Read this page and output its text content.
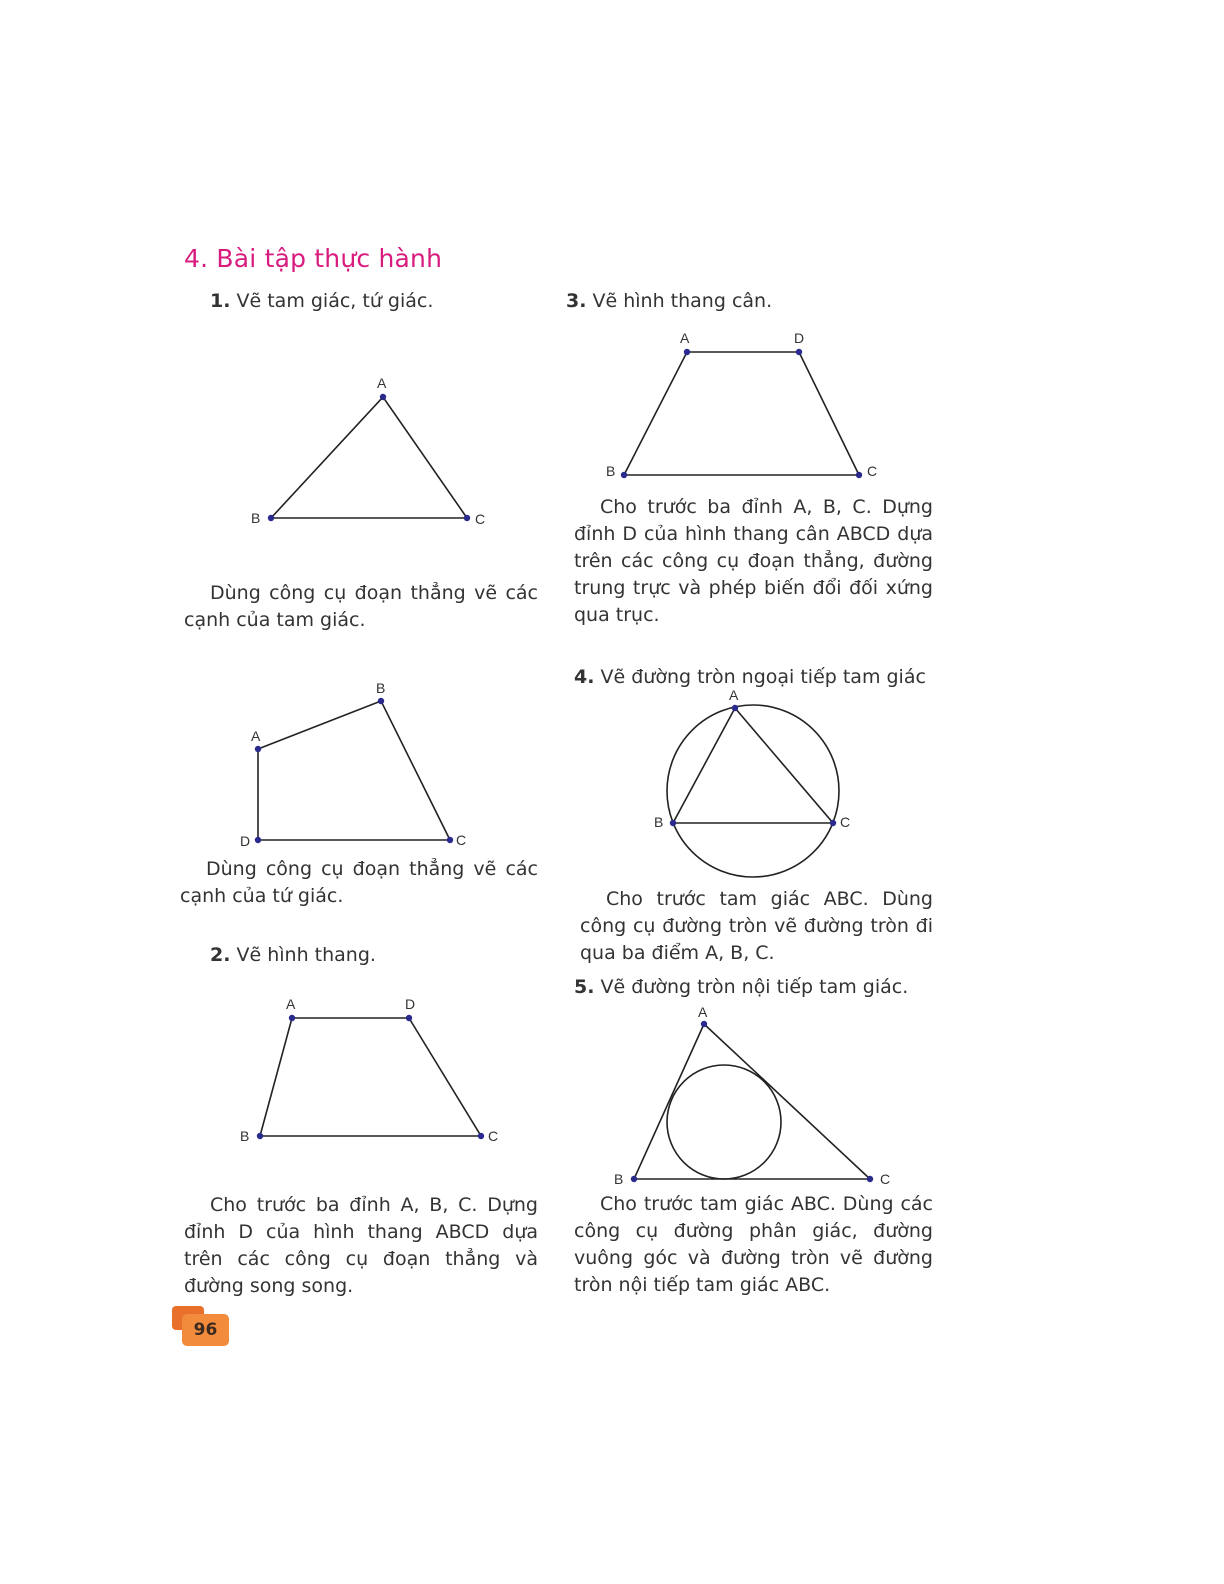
4. Bài tập thực hành
1. Vẽ tam giác, tứ giác.
2. Vẽ hình thang.
3. Vẽ hình thang cân.
4. Vẽ đường tròn ngoại tiếp tam giác
5. Vẽ đường tròn nội tiếp tam giác.
Dùng công cụ đoạn thẳng vẽ các cạnh của tam giác.
Dùng công cụ đoạn thẳng vẽ các cạnh của tứ giác.
Cho trước ba đỉnh A, B, C. Dựng đỉnh D của hình thang ABCD dựa trên các công cụ đoạn thẳng và đường song song.
Cho trước ba đỉnh A, B, C. Dựng đỉnh D của hình thang cân ABCD dựa trên các công cụ đoạn thẳng, đường trung trực và phép biến đổi đối xứng qua trục.
Cho trước tam giác ABC. Dùng công cụ đường tròn vẽ đường tròn đi qua ba điểm A, B, C.
Cho trước tam giác ABC. Dùng các công cụ đường phân giác, đường vuông góc và đường tròn vẽ đường tròn nội tiếp tam giác ABC.
A
B	C
A
B
C
D
A	D
C
B
A	D
C
B
A
B	C
A
B	C
96
